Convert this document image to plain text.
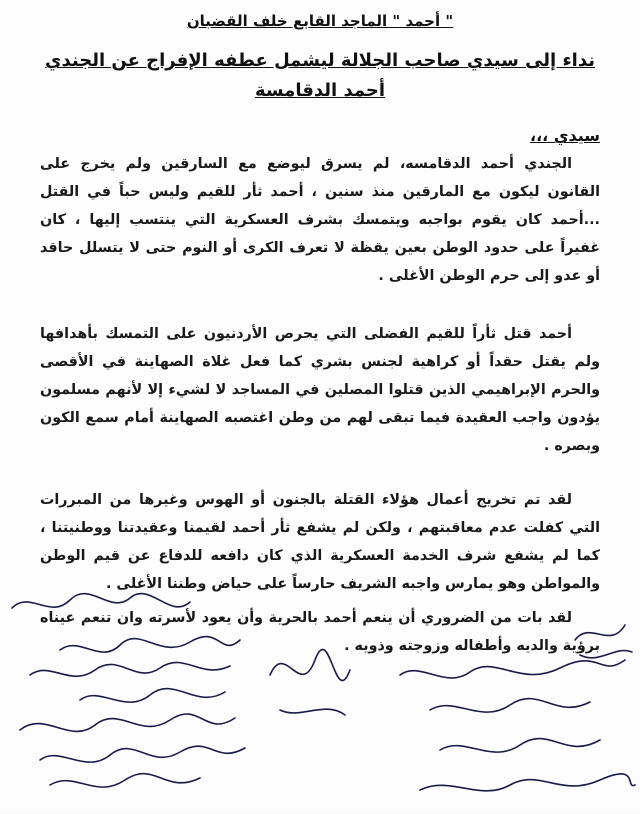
" أحمد " الماجد القابع خلف القضبان
نداء إلى سيدي صاحب الجلالة ليشمل عطفه الإفراج عن الجندي أحمد الدقامسة
سيدي ،،،
الجندي أحمد الدقامسه، لم يسرق ليوضع مع السارقين ولم يخرج على القانون ليكون مع المارقين منذ سنين ، أحمد ثأر للقيم وليس حباً في القتل ...أحمد كان يقوم بواجبه ويتمسك بشرف العسكرية التي ينتسب إليها ، كان غفيراً على حدود الوطن بعين يقظة لا تعرف الكرى أو النوم حتى لا يتسلل حاقد أو عدو إلى حرم الوطن الأغلى .
أحمد قتل ثأراً للقيم الفضلى التي يحرص الأردنيون على التمسك بأهدافها ولم يقتل حقداً أو كراهية لجنس بشري كما فعل غلاة الصهاينة في الأقصى والحرم الإبراهيمي الذين قتلوا المصلين في المساجد لا لشيء إلا لأنهم مسلمون يؤدون واجب العقيدة فيما تبقى لهم من وطن اغتصبه الصهاينة أمام سمع الكون وبصره .
لقد تم تخريج أعمال هؤلاء القتلة بالجنون أو الهوس وغيرها من المبررات التي كفلت عدم معاقبتهم ، ولكن لم يشفع ثأر أحمد لقيمنا وعقيدتنا ووطنيتنا ، كما لم يشفع شرف الخدمة العسكرية الذي كان دافعه للدفاع عن قيم الوطن والمواطن وهو يمارس واجبه الشريف حارساً على حياض وطننا الأغلى .
لقد بات من الضروري أن ينعم أحمد بالحرية وأن يعود لأسرته وان تنعم عيناه برؤية والديه وأطفاله وزوجته وذويه .
